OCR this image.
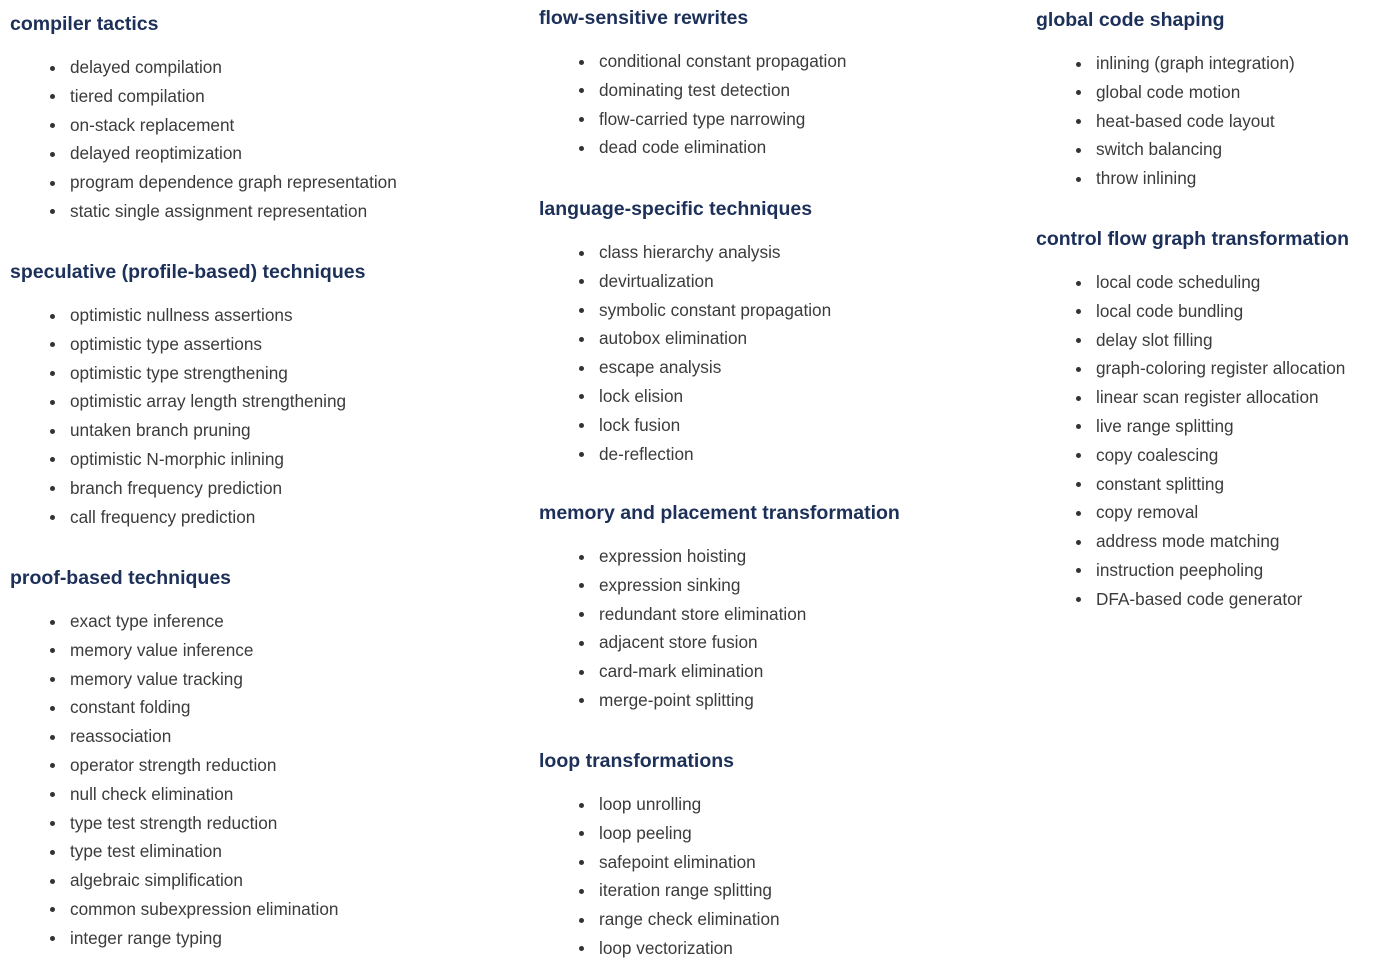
compiler tactics
delayed compilation
tiered compilation
on-stack replacement
delayed reoptimization
program dependence graph representation
static single assignment representation
speculative (profile-based) techniques
optimistic nullness assertions
optimistic type assertions
optimistic type strengthening
optimistic array length strengthening
untaken branch pruning
optimistic N-morphic inlining
branch frequency prediction
call frequency prediction
proof-based techniques
exact type inference
memory value inference
memory value tracking
constant folding
reassociation
operator strength reduction
null check elimination
type test strength reduction
type test elimination
algebraic simplification
common subexpression elimination
integer range typing
flow-sensitive rewrites
conditional constant propagation
dominating test detection
flow-carried type narrowing
dead code elimination
language-specific techniques
class hierarchy analysis
devirtualization
symbolic constant propagation
autobox elimination
escape analysis
lock elision
lock fusion
de-reflection
memory and placement transformation
expression hoisting
expression sinking
redundant store elimination
adjacent store fusion
card-mark elimination
merge-point splitting
loop transformations
loop unrolling
loop peeling
safepoint elimination
iteration range splitting
range check elimination
loop vectorization
global code shaping
inlining (graph integration)
global code motion
heat-based code layout
switch balancing
throw inlining
control flow graph transformation
local code scheduling
local code bundling
delay slot filling
graph-coloring register allocation
linear scan register allocation
live range splitting
copy coalescing
constant splitting
copy removal
address mode matching
instruction peepholing
DFA-based code generator
